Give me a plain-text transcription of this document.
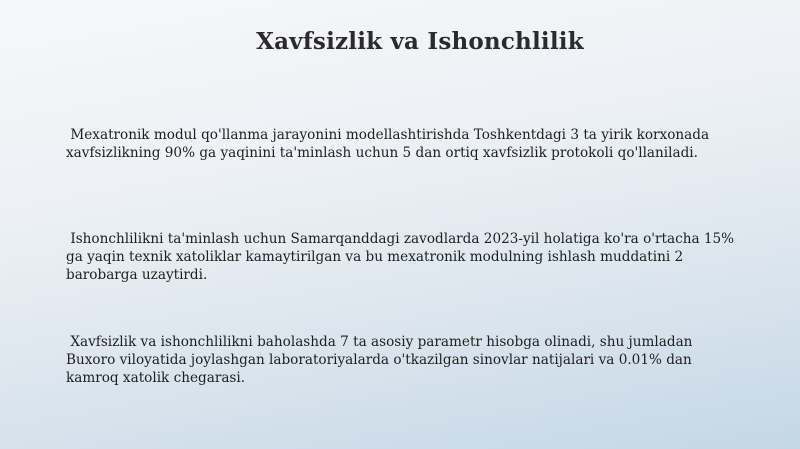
Xavfsizlik va Ishonchlilik

Mexatronik modul qo'llanma jarayonini modellashtirishda Toshkentdagi 3 ta yirik korxonada xavfsizlikning 90% ga yaqinini ta'minlash uchun 5 dan ortiq xavfsizlik protokoli qo'llaniladi.

Ishonchlilikni ta'minlash uchun Samarqanddagi zavodlarda 2023-yil holatiga ko'ra o'rtacha 15% ga yaqin texnik xatoliklar kamaytirilgan va bu mexatronik modulning ishlash muddatini 2 barobarga uzaytirdi.

Xavfsizlik va ishonchlilikni baholashda 7 ta asosiy parametr hisobga olinadi, shu jumladan Buxoro viloyatida joylashgan laboratoriyalarda o'tkazilgan sinovlar natijalari va 0.01% dan kamroq xatolik chegarasi.
